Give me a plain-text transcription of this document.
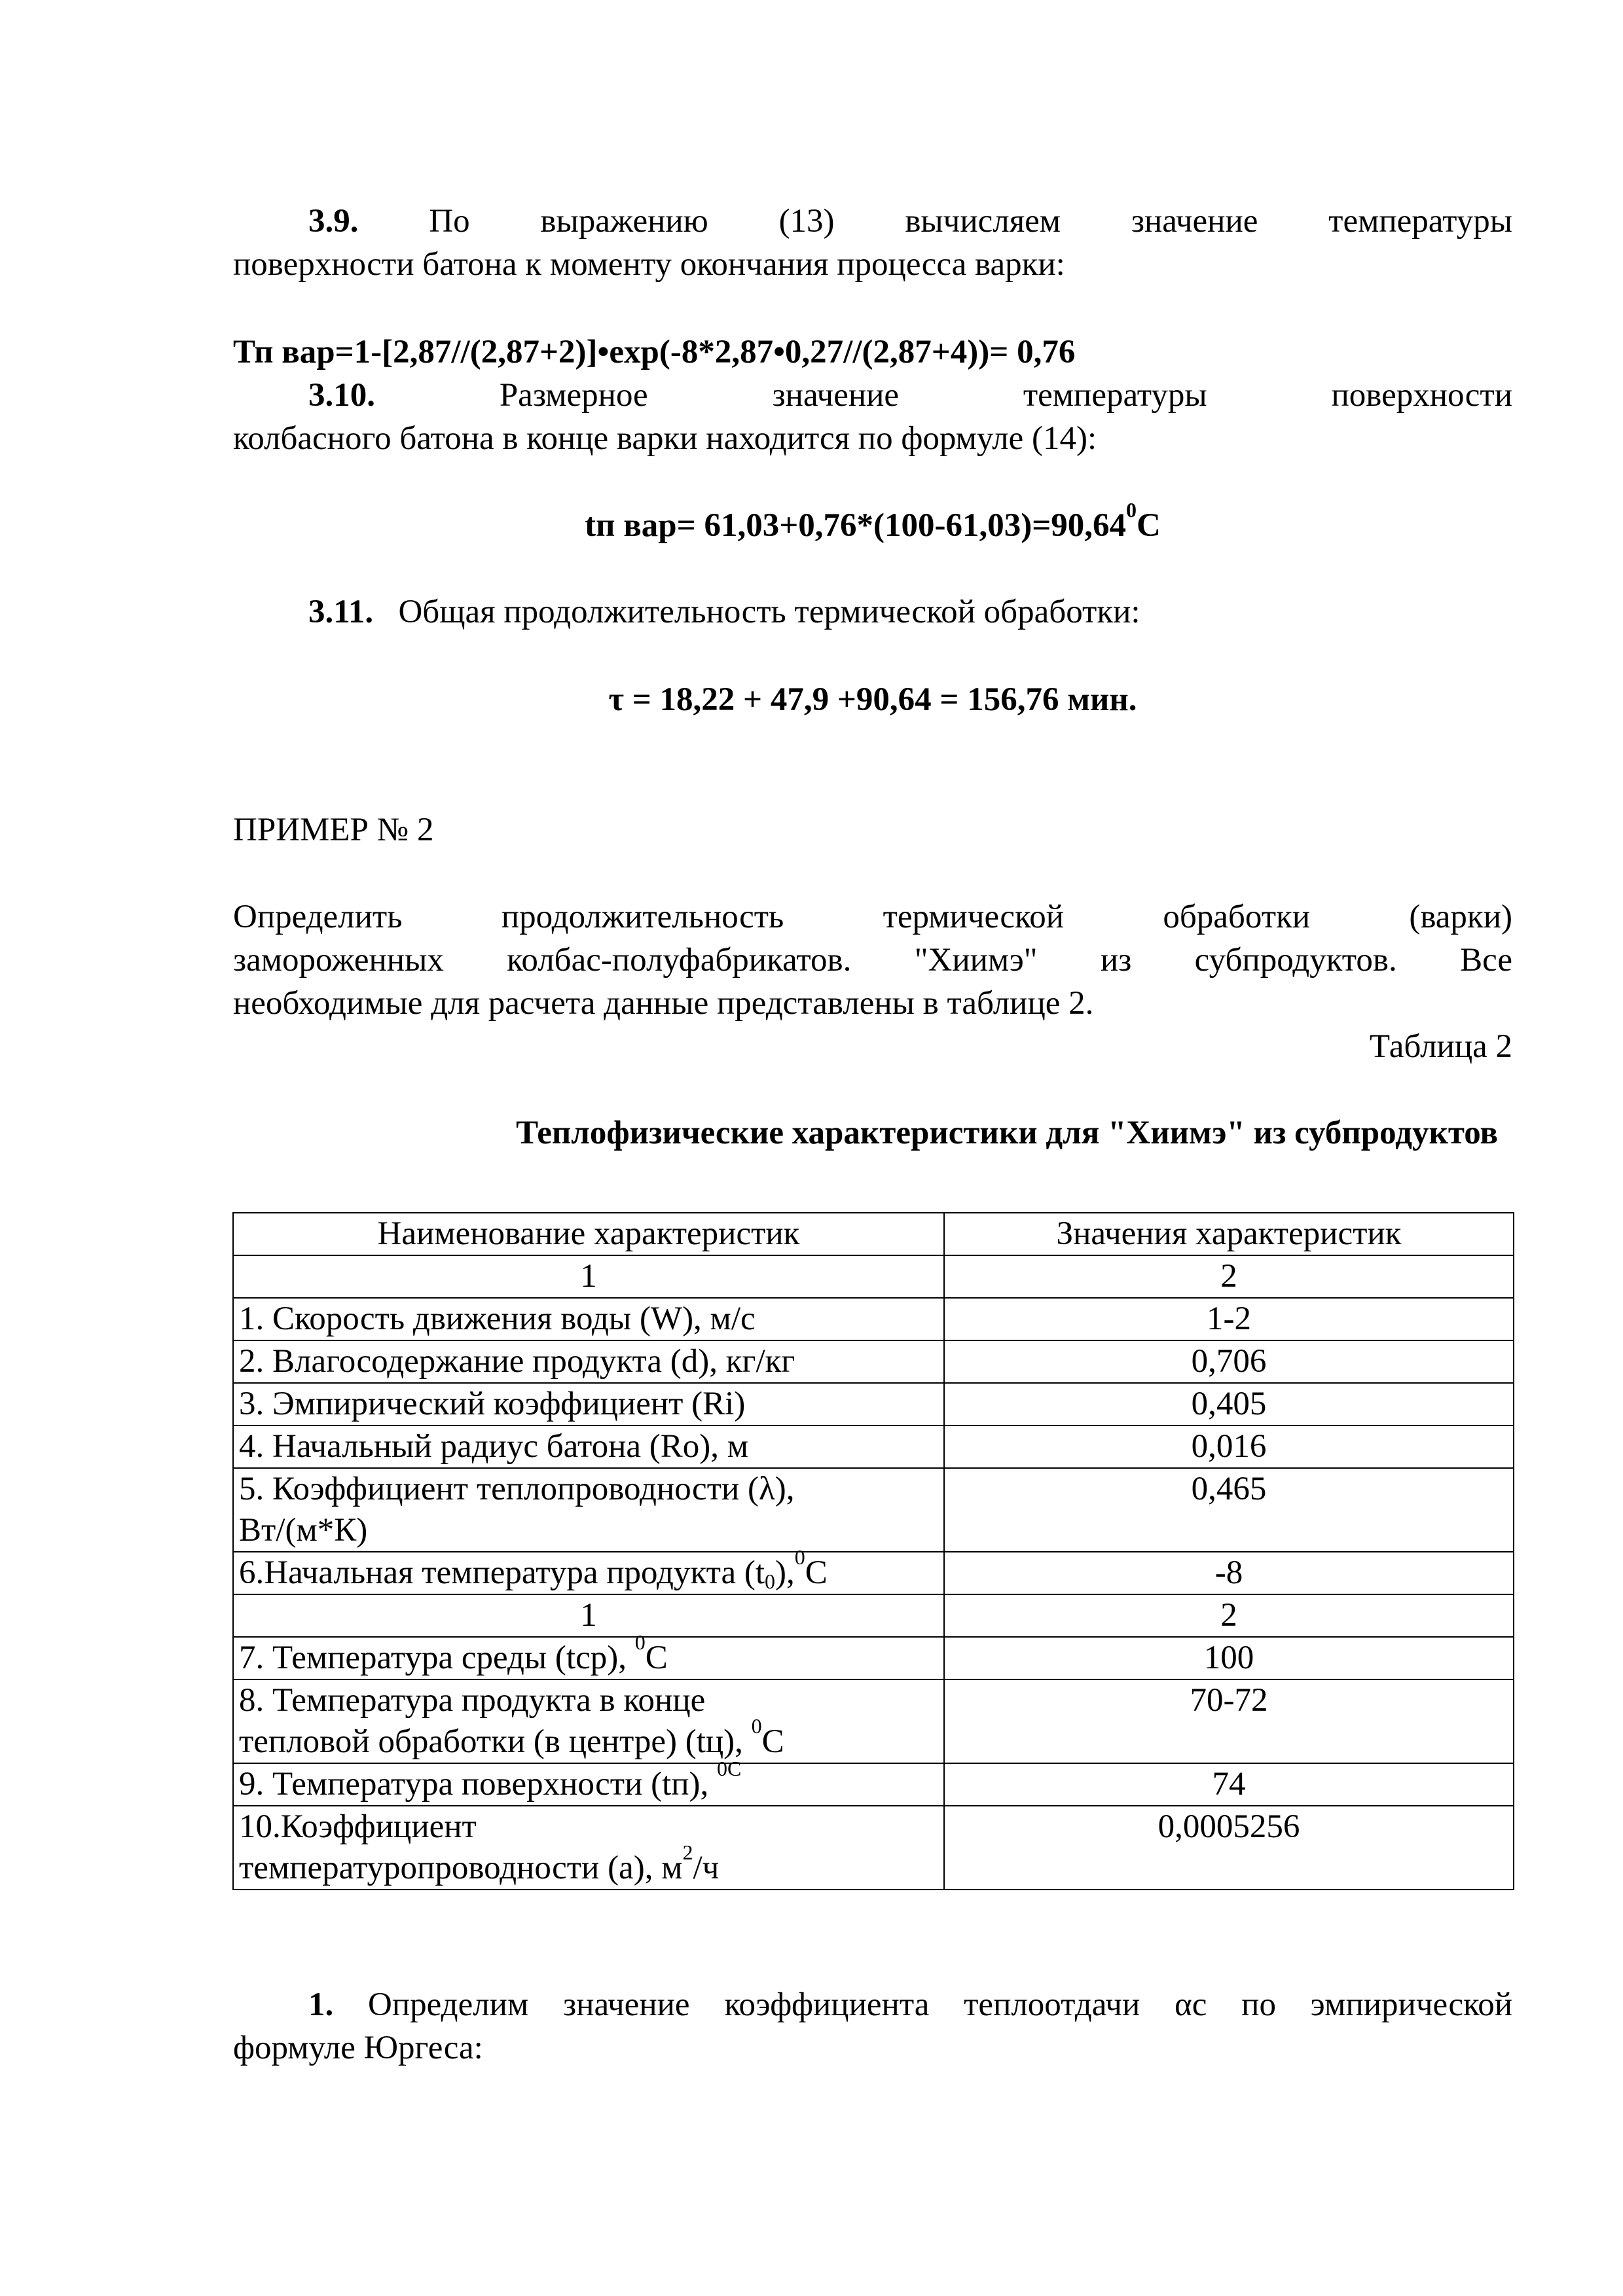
3.9. По выражению (13) вычисляем значение температуры

поверхности батона к моменту окончания процесса варки:

Тп вар=1-[2,87//(2,87+2)]•exp(-8*2,87•0,27//(2,87+4))= 0,76

3.10.	Размерное значение температуры поверхности

колбасного батона в конце варки находится по формуле (14):

tп $вар= 61,03+0,76*(100-61,03)=90,64^0С$

3.11. Общая продолжительность термической обработки:

τ = 18,22 + 47,9 +90,64 = 156,76 мин.

ПРИМЕР № 2

Определить продолжительность термической обработки (варки)

замороженных колбас-полуфабрикатов. "Хиимэ" из субпродуктов. Все

необходимые для расчета данные представлены в таблице 2.

Таблица 2

Теплофизические характеристики для "Хиимэ" из субпродуктов

Наименование характеристик	Значения характеристик
1	2
1. Скорость движения воды (W), м/с	1-2
2. Влагосодержание продукта (d), кг/кг	0,706
3. Эмпирический коэффициент (Ri)	0,405
4. Начальный радиус батона (Ro), м	0,016
5. Коэффициент теплопроводности (λ),
Вт/(м*К)	0,465
6.Начальная температура продукта $(t_0),^0С$	-8
1	2
7. Температура среды (tср), $^0$С	100
8. Температура продукта в конце
тепловой обработки (в центре) (tц), $^0$С	70-72
9. Температура поверхности (tп), $^{0С}$	74
10.Коэффициент
температуропроводности (а), $м^2/ч$	0,0005256

1. Определим значение коэффициента теплоотдачи αс по эмпирической

формуле Юргеса:
